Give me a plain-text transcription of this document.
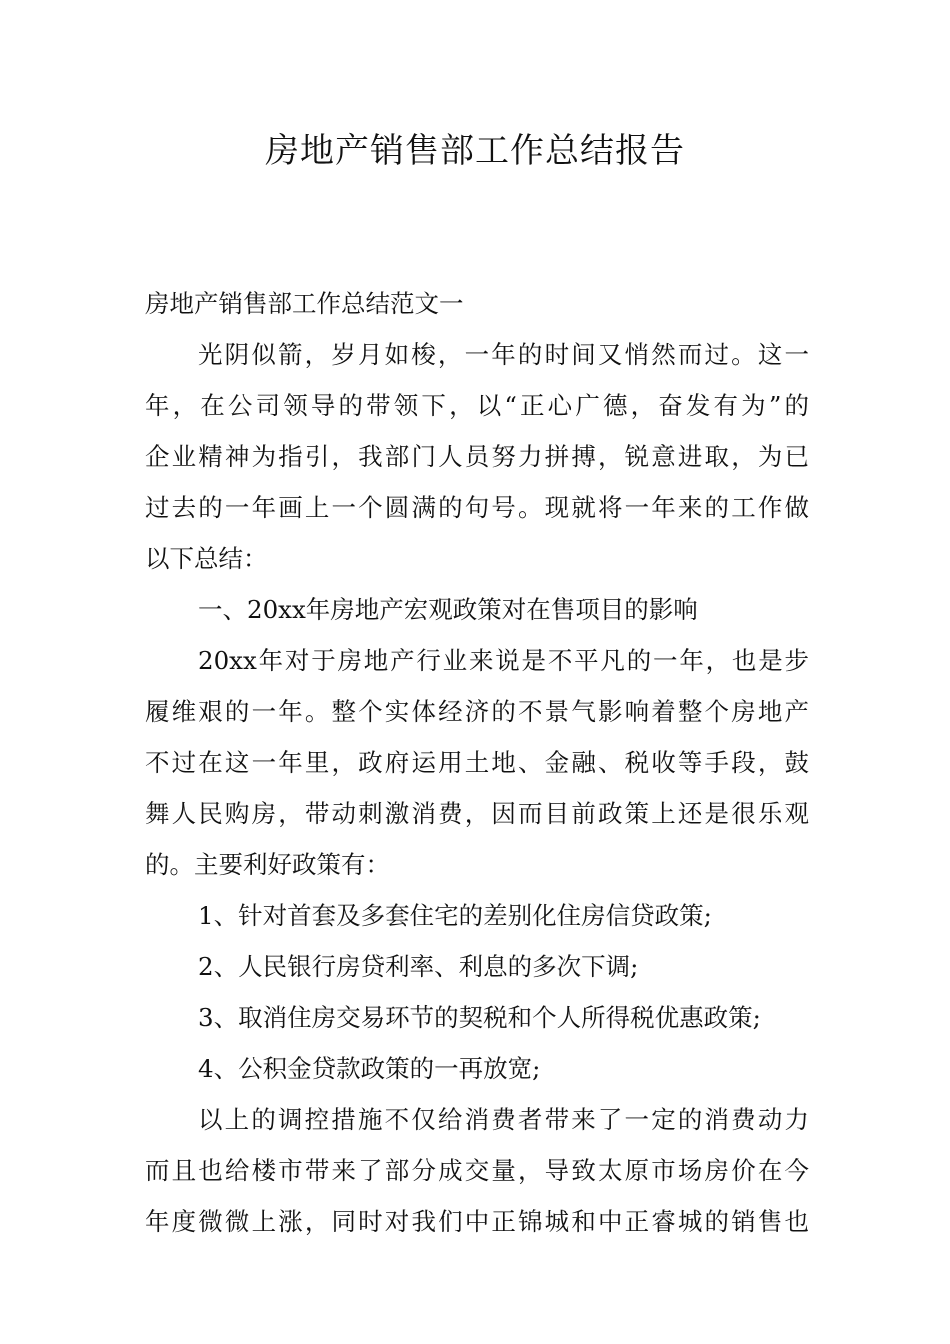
房地产销售部工作总结报告
房地产销售部工作总结范文一
光阴似箭，岁月如梭，一年的时间又悄然而过。这一
年，在公司领导的带领下，以“正心广德，奋发有为”的
企业精神为指引，我部门人员努力拼搏，锐意进取，为已
过去的一年画上一个圆满的句号。现就将一年来的工作做
以下总结：
一、20xx年房地产宏观政策对在售项目的影响
20xx年对于房地产行业来说是不平凡的一年，也是步
履维艰的一年。整个实体经济的不景气影响着整个房地产
不过在这一年里，政府运用土地、金融、税收等手段，鼓
舞人民购房，带动刺激消费，因而目前政策上还是很乐观
的。主要利好政策有：
1、针对首套及多套住宅的差别化住房信贷政策;
2、人民银行房贷利率、利息的多次下调;
3、取消住房交易环节的契税和个人所得税优惠政策;
4、公积金贷款政策的一再放宽;
以上的调控措施不仅给消费者带来了一定的消费动力
而且也给楼市带来了部分成交量，导致太原市场房价在今
年度微微上涨，同时对我们中正锦城和中正睿城的销售也
